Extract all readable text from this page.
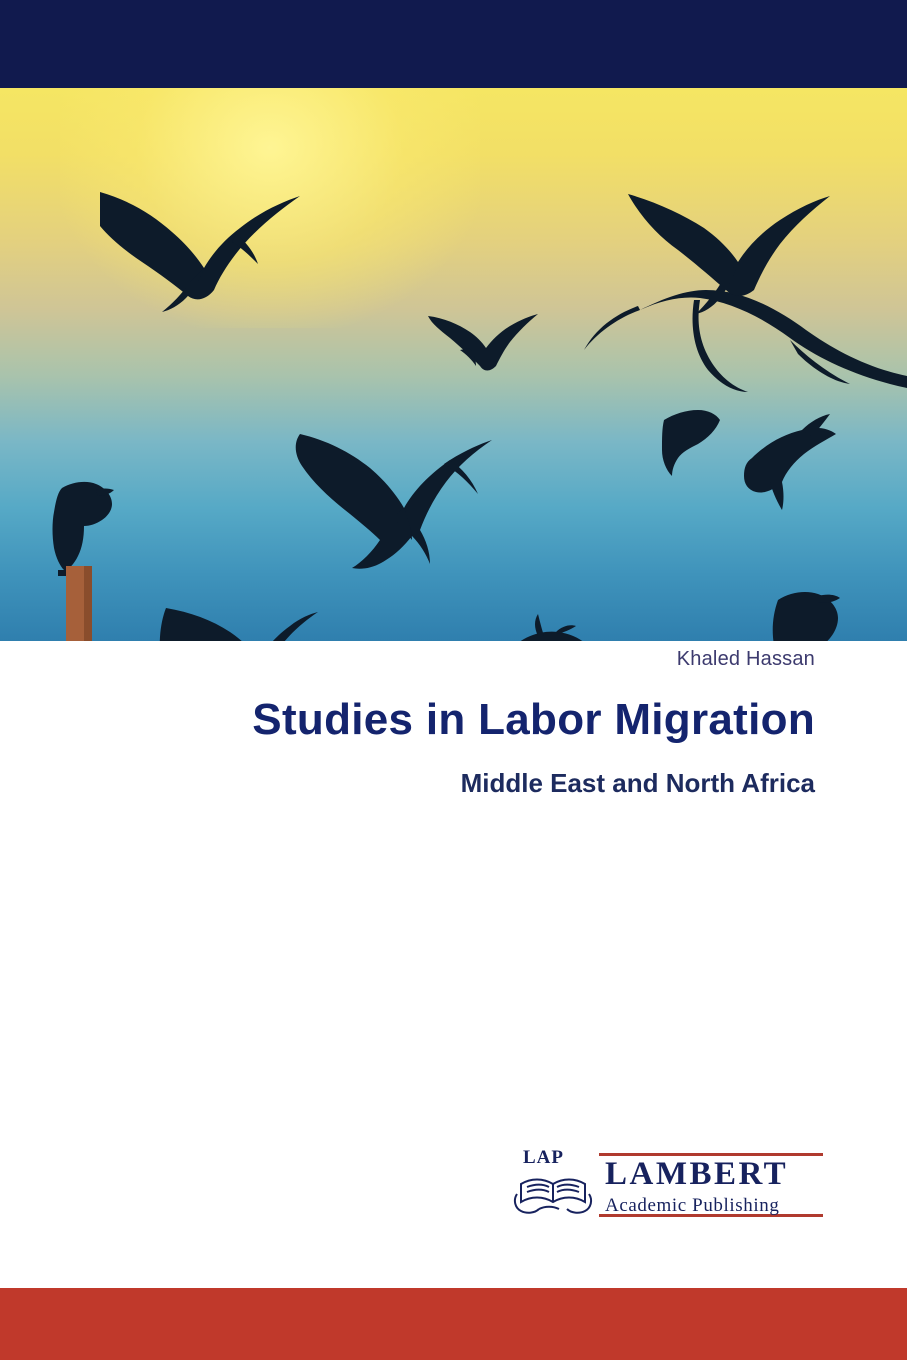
Khaled Hassan

Studies in Labor Migration
Middle East and North Africa
LAP LAMBERT
Academic Publishing
